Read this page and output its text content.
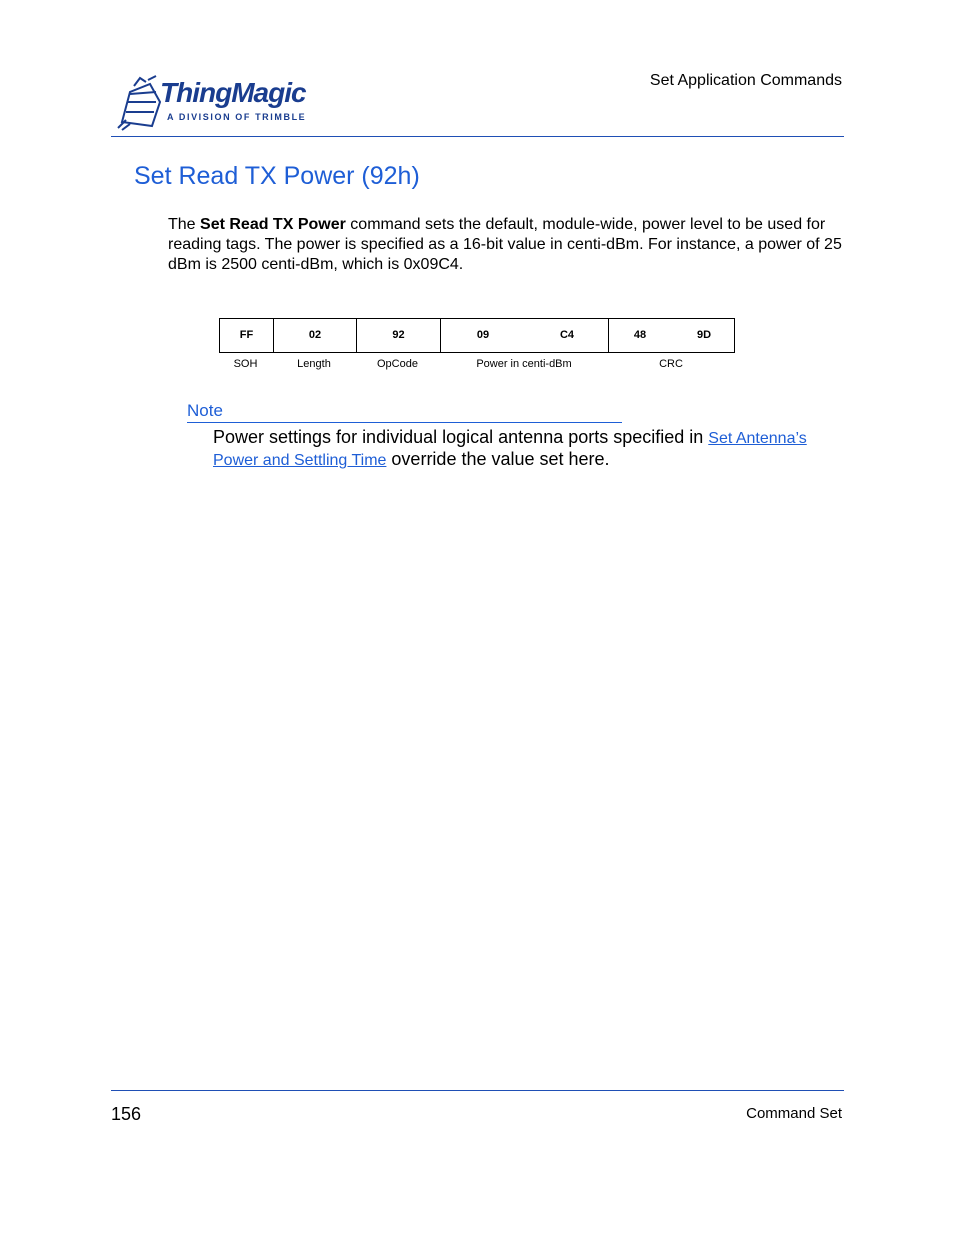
ThingMagic
A DIVISION OF TRIMBLE
Set Application Commands
Set Read TX Power (92h)
The Set Read TX Power command sets the default, module-wide, power level to be used for reading tags. The power is specified as a 16-bit value in centi-dBm. For instance, a power of 25 dBm is 2500 centi-dBm, which is 0x09C4.
FF	02	92	09	C4	48	9D
SOH	Length	OpCode	Power in centi-dBm	CRC
Note
Power settings for individual logical antenna ports specified in Set Antenna’s Power and Settling Time override the value set here.
156	Command Set
